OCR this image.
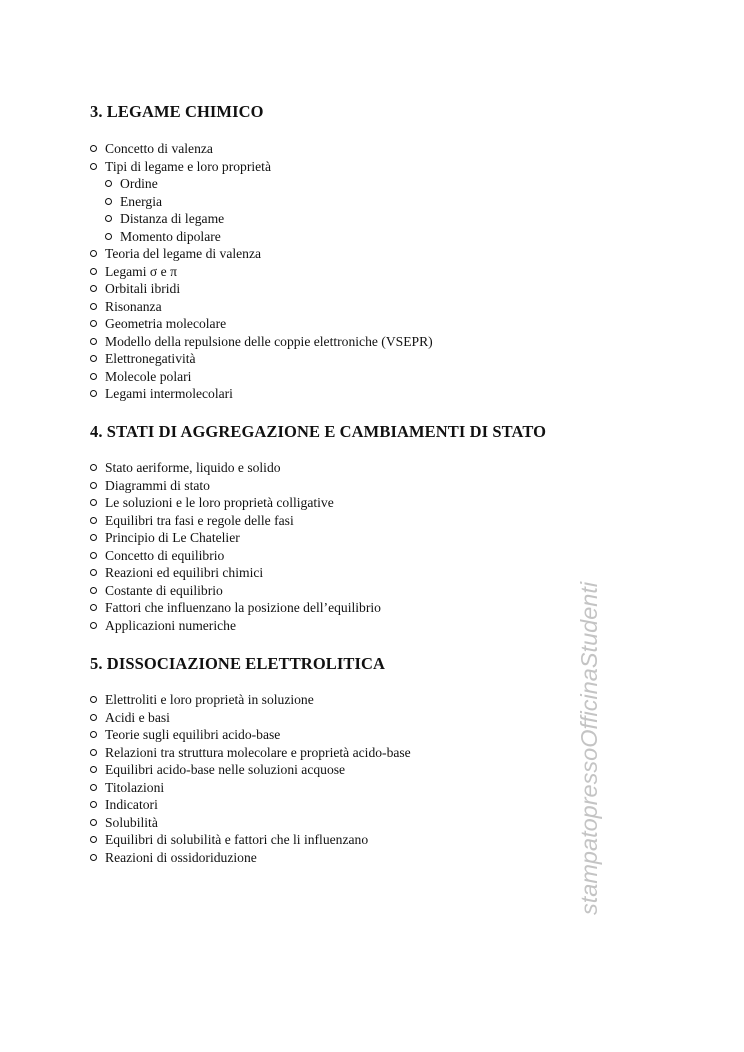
3. LEGAME CHIMICO
Concetto di valenza
Tipi di legame e loro proprietà
Ordine
Energia
Distanza di legame
Momento dipolare
Teoria del legame di valenza
Legami σ e π
Orbitali ibridi
Risonanza
Geometria molecolare
Modello della repulsione delle coppie elettroniche (VSEPR)
Elettronegatività
Molecole polari
Legami intermolecolari
4. STATI DI AGGREGAZIONE E CAMBIAMENTI DI STATO
Stato aeriforme, liquido e solido
Diagrammi di stato
Le soluzioni e le loro proprietà colligative
Equilibri tra fasi e regole delle fasi
Principio di Le Chatelier
Concetto di equilibrio
Reazioni ed equilibri chimici
Costante di equilibrio
Fattori che influenzano la posizione dell’equilibrio
Applicazioni numeriche
5. DISSOCIAZIONE ELETTROLITICA
Elettroliti e loro proprietà in soluzione
Acidi e basi
Teorie sugli equilibri acido-base
Relazioni tra struttura molecolare e proprietà acido-base
Equilibri acido-base nelle soluzioni acquose
Titolazioni
Indicatori
Solubilità
Equilibri di solubilità e fattori che li influenzano
Reazioni di ossidoriduzione	stampatopressoOfficinaStudenti
